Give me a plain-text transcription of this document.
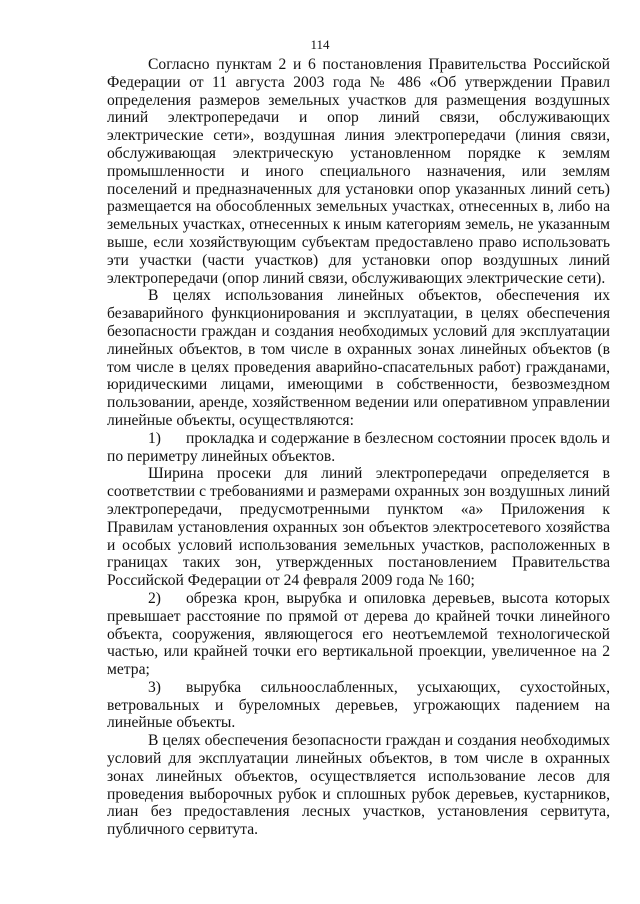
114

Согласно пунктам 2 и 6 постановления Правительства Российской Федерации от 11 августа 2003 года № 486 «Об утверждении Правил определения размеров земельных участков для размещения воздушных линий электропередачи и опор линий связи, обслуживающих электрические сети», воздушная линия электропередачи (линия связи, обслуживающая электрическую установленном порядке к землям промышленности и иного специального назначения, или землям поселений и предназначенных для установки опор указанных линий сеть) размещается на обособленных земельных участках, отнесенных в, либо на земельных участках, отнесенных к иным категориям земель, не указанным выше, если хозяйствующим субъектам предоставлено право использовать эти участки (части участков) для установки опор воздушных линий электропередачи (опор линий связи, обслуживающих электрические сети).

В целях использования линейных объектов, обеспечения их безаварийного функционирования и эксплуатации, в целях обеспечения безопасности граждан и создания необходимых условий для эксплуатации линейных объектов, в том числе в охранных зонах линейных объектов (в том числе в целях проведения аварийно-спасательных работ) гражданами, юридическими лицами, имеющими в собственности, безвозмездном пользовании, аренде, хозяйственном ведении или оперативном управлении линейные объекты, осуществляются:

1) прокладка и содержание в безлесном состоянии просек вдоль и по периметру линейных объектов.

Ширина просеки для линий электропередачи определяется в соответствии с требованиями и размерами охранных зон воздушных линий электропередачи, предусмотренными пунктом «а» Приложения к Правилам установления охранных зон объектов электросетевого хозяйства и особых условий использования земельных участков, расположенных в границах таких зон, утвержденных постановлением Правительства Российской Федерации от 24 февраля 2009 года № 160;

2) обрезка крон, вырубка и опиловка деревьев, высота которых превышает расстояние по прямой от дерева до крайней точки линейного объекта, сооружения, являющегося его неотъемлемой технологической частью, или крайней точки его вертикальной проекции, увеличенное на 2 метра;

3) вырубка сильноослабленных, усыхающих, сухостойных, ветровальных и буреломных деревьев, угрожающих падением на линейные объекты.

В целях обеспечения безопасности граждан и создания необходимых условий для эксплуатации линейных объектов, в том числе в охранных зонах линейных объектов, осуществляется использование лесов для проведения выборочных рубок и сплошных рубок деревьев, кустарников, лиан без предоставления лесных участков, установления сервитута, публичного сервитута.
